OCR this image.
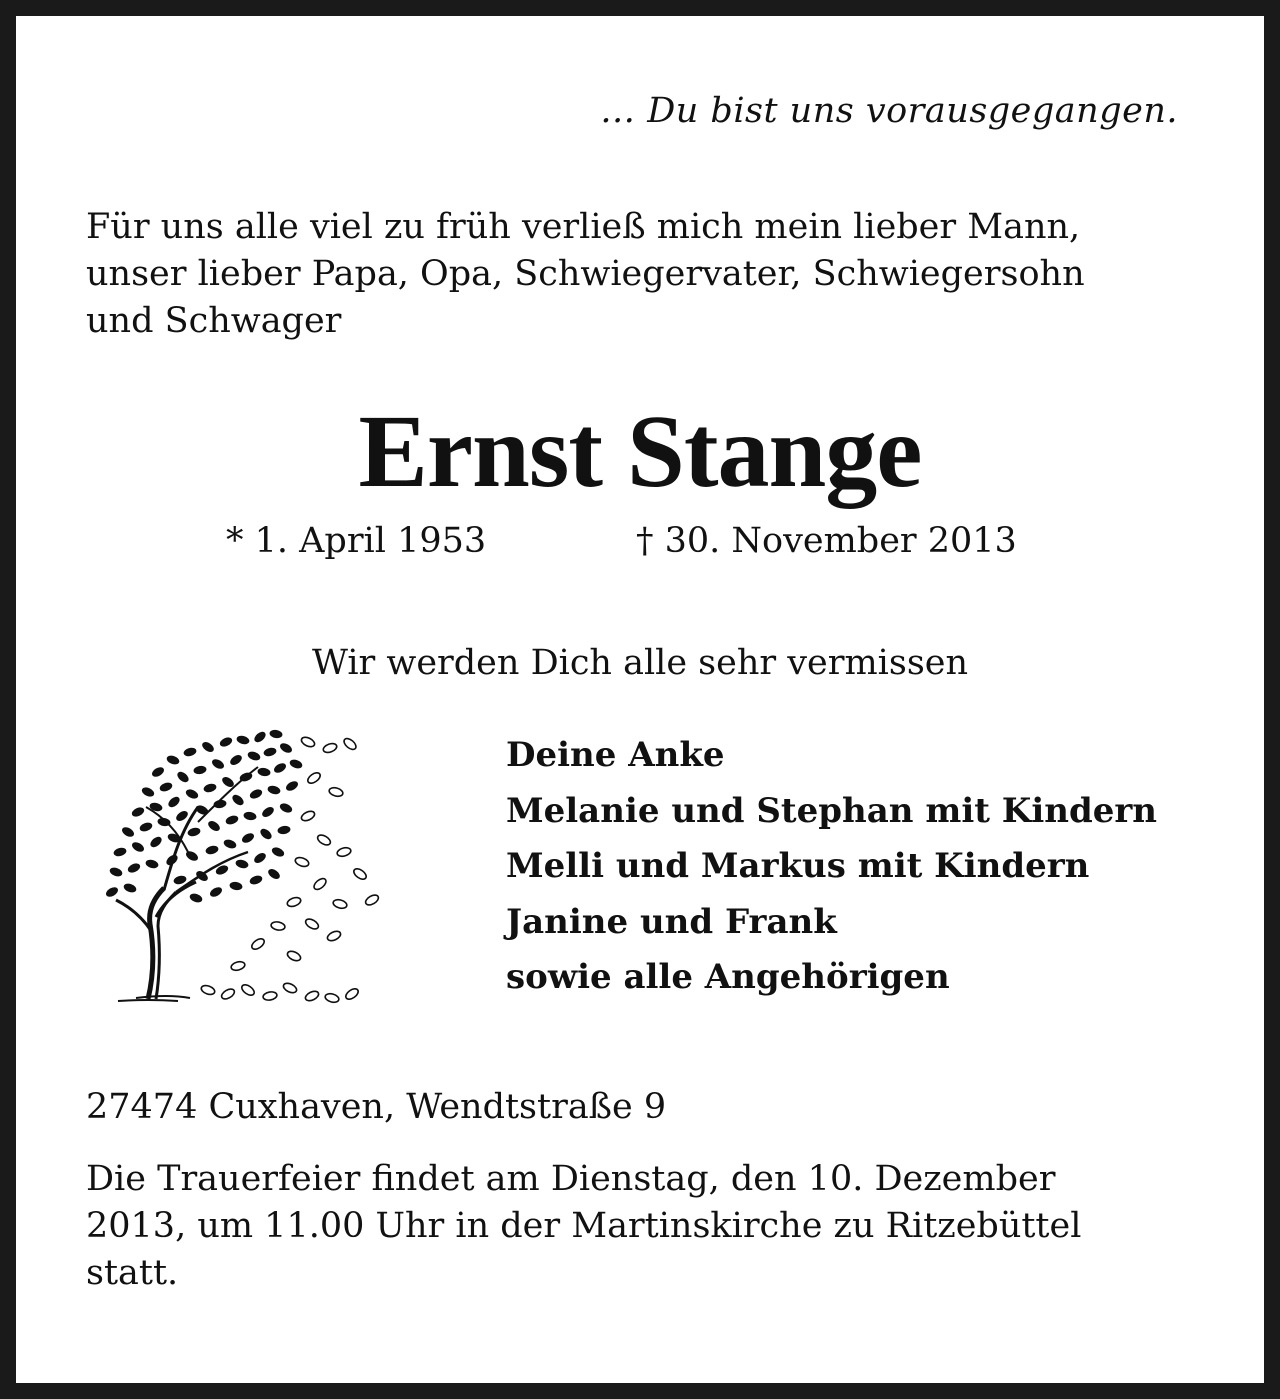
… Du bist uns vorausgegangen.
Für uns alle viel zu früh verließ mich mein lieber Mann,
unser lieber Papa, Opa, Schwiegervater, Schwiegersohn
und Schwager
Ernst Stange
* 1. April 1953	† 30. November 2013
Wir werden Dich alle sehr vermissen
Deine Anke
Melanie und Stephan mit Kindern
Melli und Markus mit Kindern
Janine und Frank
sowie alle Angehörigen
27474 Cuxhaven, Wendtstraße 9
Die Trauerfeier findet am Dienstag, den 10. Dezember
2013, um 11.00 Uhr in der Martinskirche zu Ritzebüttel
statt.
